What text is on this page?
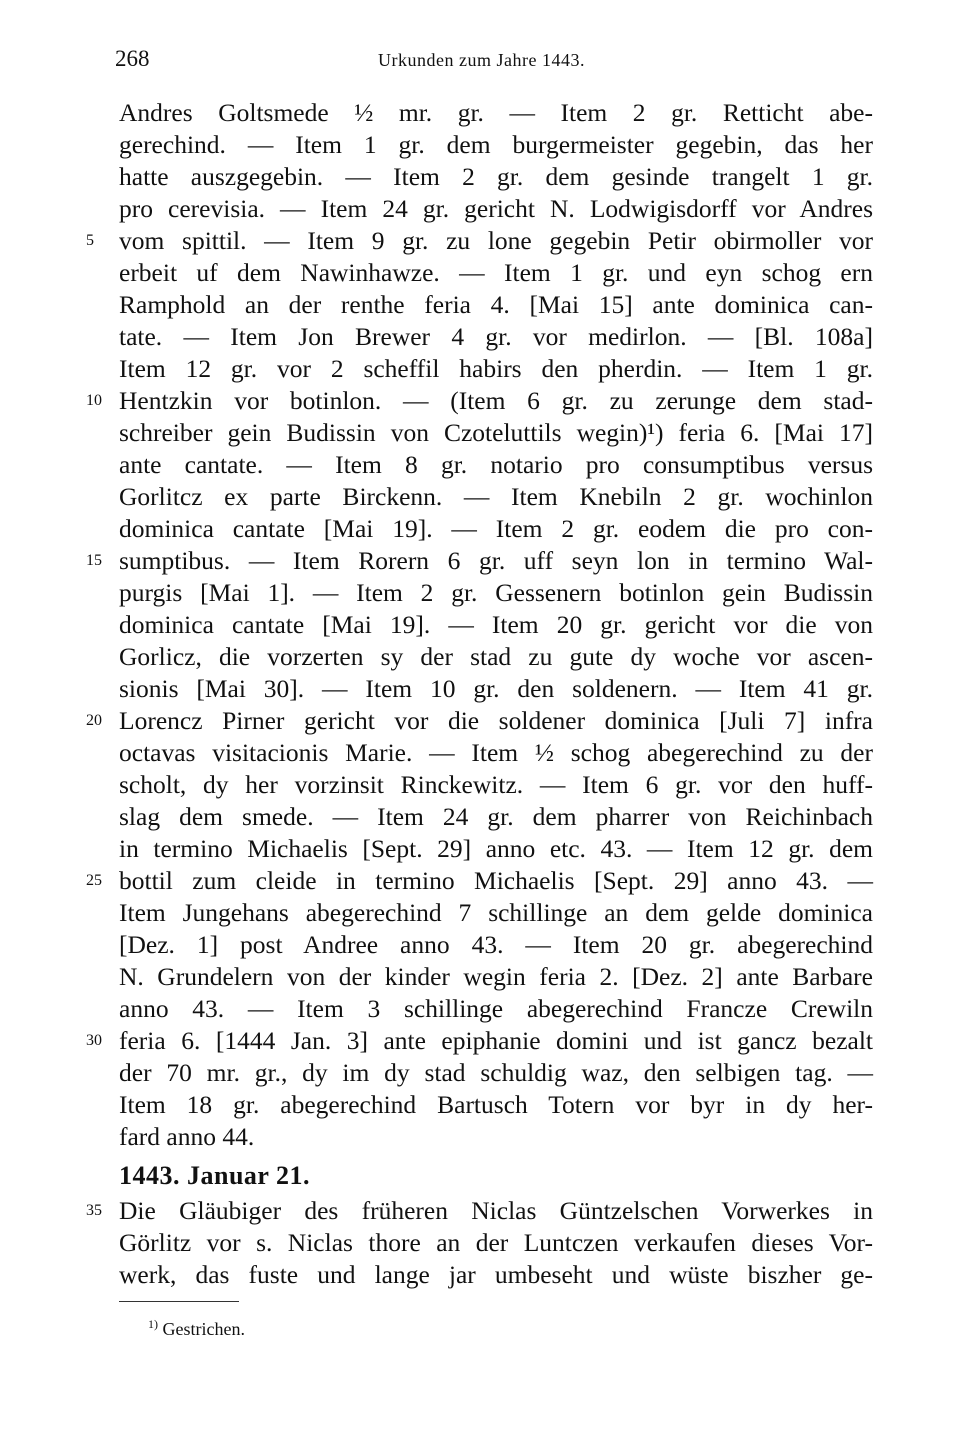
268	Urkunden zum Jahre 1443.
Andres Goltsmede ½ mr. gr. — Item 2 gr. Retticht abe-
gerechind. — Item 1 gr. dem burgermeister gegebin, das her
hatte auszgegebin. — Item 2 gr. dem gesinde trangelt 1 gr.
pro cerevisia. — Item 24 gr. gericht N. Lodwigisdorff vor Andres
vom spittil. — Item 9 gr. zu lone gegebin Petir obirmoller vor
erbeit uf dem Nawinhawze. — Item 1 gr. und eyn schog ern
Ramphold an der renthe feria 4. [Mai 15] ante dominica can-
tate. — Item Jon Brewer 4 gr. vor medirlon. — [Bl. 108a]
Item 12 gr. vor 2 scheffil habirs den pherdin. — Item 1 gr.
Hentzkin vor botinlon. — (Item 6 gr. zu zerunge dem stad-
schreiber gein Budissin von Czoteluttils wegin)¹) feria 6. [Mai 17]
ante cantate. — Item 8 gr. notario pro consumptibus versus
Gorlitcz ex parte Birckenn. — Item Knebiln 2 gr. wochinlon
dominica cantate [Mai 19]. — Item 2 gr. eodem die pro con-
sumptibus. — Item Rorern 6 gr. uff seyn lon in termino Wal-
purgis [Mai 1]. — Item 2 gr. Gessenern botinlon gein Budissin
dominica cantate [Mai 19]. — Item 20 gr. gericht vor die von
Gorlicz, die vorzerten sy der stad zu gute dy woche vor ascen-
sionis [Mai 30]. — Item 10 gr. den soldenern. — Item 41 gr.
Lorencz Pirner gericht vor die soldener dominica [Juli 7] infra
octavas visitacionis Marie. — Item ½ schog abegerechind zu der
scholt, dy her vorzinsit Rinckewitz. — Item 6 gr. vor den huff-
slag dem smede. — Item 24 gr. dem pharrer von Reichinbach
in termino Michaelis [Sept. 29] anno etc. 43. — Item 12 gr. dem
bottil zum cleide in termino Michaelis [Sept. 29] anno 43. —
Item Jungehans abegerechind 7 schillinge an dem gelde dominica
[Dez. 1] post Andree anno 43. — Item 20 gr. abegerechind
N. Grundelern von der kinder wegin feria 2. [Dez. 2] ante Barbare
anno 43. — Item 3 schillinge abegerechind Francze Crewiln
feria 6. [1444 Jan. 3] ante epiphanie domini und ist gancz bezalt
der 70 mr. gr., dy im dy stad schuldig waz, den selbigen tag. —
Item 18 gr. abegerechind Bartusch Totern vor byr in dy her-
fard anno 44.
5
10
15
20
25
30
35
1443. Januar 21.
Die Gläubiger des früheren Niclas Güntzelschen Vorwerkes in
Görlitz vor s. Niclas thore an der Luntczen verkaufen dieses Vor-
werk, das fuste und lange jar umbeseht und wüste biszher ge-
$^{1)}$ Gestrichen.
